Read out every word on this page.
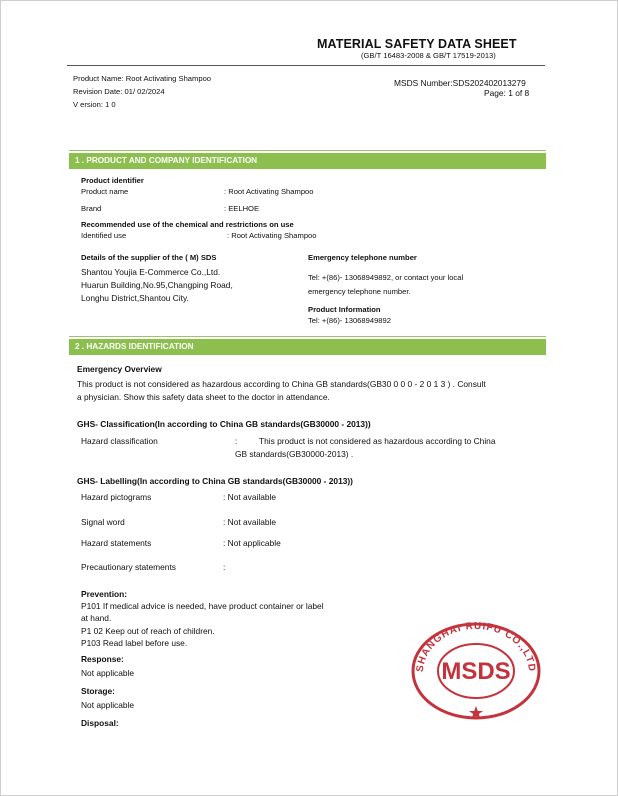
MATERIAL SAFETY DATA SHEET
(GB/T 16483-2008 & GB/T 17519-2013)
Product Name: Root Activating Shampoo
Revision Date: 01/ 02/2024
V ersion: 1 0
MSDS Number:SDS202402013279
Page: 1 of 8
1 . PRODUCT AND COMPANY IDENTIFICATION
Product identifier
Product name	: Root Activating Shampoo
Brand	: EELHOE
Recommended use of the chemical and restrictions on use
Identified use	: Root Activating Shampoo
Details of the supplier of the ( M) SDS
Shantou Youjia E-Commerce Co.,Ltd.
Huarun Building,No.95,Changping Road,
Longhu District,Shantou City.
Emergency telephone number
Tel: +(86)- 13068949892, or contact your local
emergency telephone number.
Product Information
Tel: +(86)- 13068949892
2 . HAZARDS IDENTIFICATION
Emergency Overview
This product is not considered as hazardous according to China GB standards(GB30 0 0 0 - 2 0 1 3 ) . Consult
a physician. Show this safety data sheet to the doctor in attendance.
GHS- Classification(In according to China GB standards(GB30000 - 2013))
Hazard classification	:	This product is not considered as hazardous according to China
GB standards(GB30000-2013) .
GHS- Labelling(In according to China GB standards(GB30000 - 2013))
Hazard pictograms	: Not available
Signal word	: Not available
Hazard statements	: Not applicable
Precautionary statements	:
Prevention:
P101 If medical advice is needed, have product container or label
at hand.
P1 02 Keep out of reach of children.
P103 Read label before use.
Response:
Not applicable
Storage:
Not applicable
Disposal:
SHANGHAI RUIFU CO.,LTD
MSDS
